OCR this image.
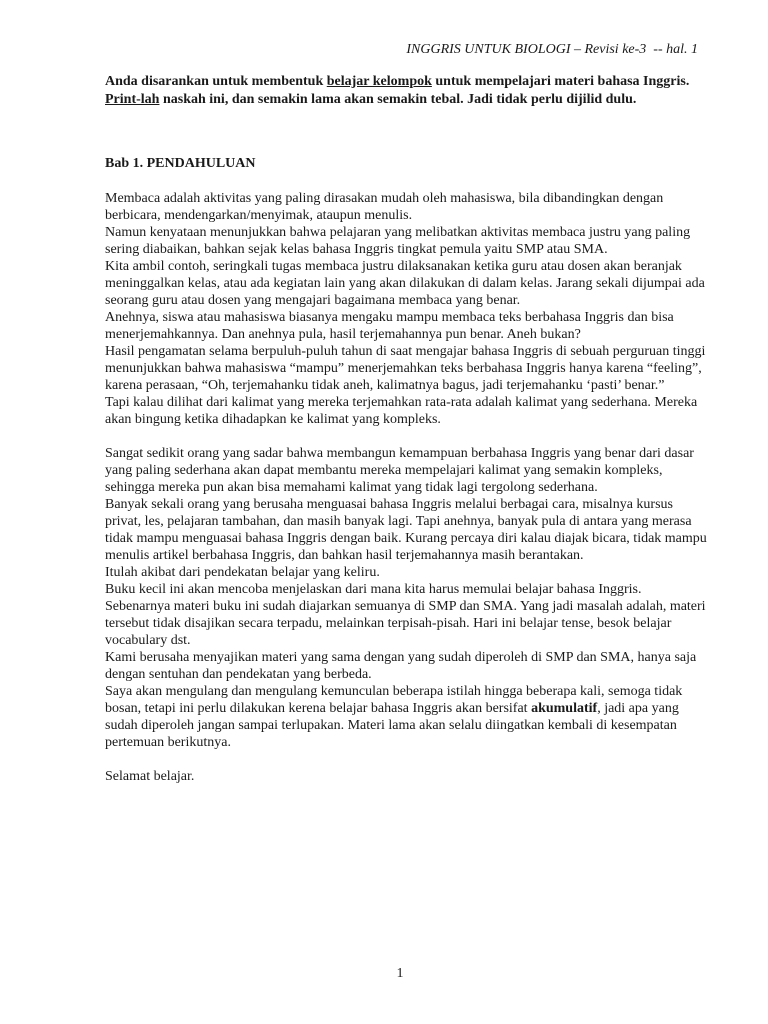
INGGRIS UNTUK BIOLOGI – Revisi ke-3  -- hal. 1
Anda disarankan untuk membentuk belajar kelompok untuk mempelajari materi bahasa Inggris. Print-lah naskah ini, dan semakin lama akan semakin tebal. Jadi tidak perlu dijilid dulu.
Bab 1. PENDAHULUAN

Membaca adalah aktivitas yang paling dirasakan mudah oleh mahasiswa, bila dibandingkan dengan berbicara, mendengarkan/menyimak, ataupun menulis.

Namun kenyataan menunjukkan bahwa pelajaran yang melibatkan aktivitas membaca justru yang paling sering diabaikan, bahkan sejak kelas bahasa Inggris tingkat pemula yaitu SMP atau SMA.

Kita ambil contoh, seringkali tugas membaca justru dilaksanakan ketika guru atau dosen akan beranjak meninggalkan kelas, atau ada kegiatan lain yang akan dilakukan di dalam kelas. Jarang sekali dijumpai ada seorang guru atau dosen yang mengajari bagaimana membaca yang benar.

Anehnya, siswa atau mahasiswa biasanya mengaku mampu membaca teks berbahasa Inggris dan bisa menerjemahkannya. Dan anehnya pula, hasil terjemahannya pun benar. Aneh bukan?

Hasil pengamatan selama berpuluh-puluh tahun di saat mengajar bahasa Inggris di sebuah perguruan tinggi menunjukkan bahwa mahasiswa “mampu” menerjemahkan teks berbahasa Inggris hanya karena “feeling”, karena perasaan, “Oh, terjemahanku tidak aneh, kalimatnya bagus, jadi terjemahanku ‘pasti’ benar.”

Tapi kalau dilihat dari kalimat yang mereka terjemahkan rata-rata adalah kalimat yang sederhana. Mereka akan bingung ketika dihadapkan ke kalimat yang kompleks.

Sangat sedikit orang yang sadar bahwa membangun kemampuan berbahasa Inggris yang benar dari dasar yang paling sederhana akan dapat membantu mereka mempelajari kalimat yang semakin kompleks, sehingga mereka pun akan bisa memahami kalimat yang tidak lagi tergolong sederhana.

Banyak sekali orang yang berusaha menguasai bahasa Inggris melalui berbagai cara, misalnya kursus privat, les, pelajaran tambahan, dan masih banyak lagi. Tapi anehnya, banyak pula di antara yang merasa tidak mampu menguasai bahasa Inggris dengan baik. Kurang percaya diri kalau diajak bicara, tidak mampu menulis artikel berbahasa Inggris, dan bahkan hasil terjemahannya masih berantakan.

Itulah akibat dari pendekatan belajar yang keliru.

Buku kecil ini akan mencoba menjelaskan dari mana kita harus memulai belajar bahasa Inggris.

Sebenarnya materi buku ini sudah diajarkan semuanya di SMP dan SMA. Yang jadi masalah adalah, materi tersebut tidak disajikan secara terpadu, melainkan terpisah-pisah. Hari ini belajar tense, besok belajar vocabulary dst.

Kami berusaha menyajikan materi yang sama dengan yang sudah diperoleh di SMP dan SMA, hanya saja dengan sentuhan dan pendekatan yang berbeda.

Saya akan mengulang dan mengulang kemunculan beberapa istilah hingga beberapa kali, semoga tidak bosan, tetapi ini perlu dilakukan kerena belajar bahasa Inggris akan bersifat akumulatif, jadi apa yang sudah diperoleh jangan sampai terlupakan. Materi lama akan selalu diingatkan kembali di kesempatan pertemuan berikutnya.

Selamat belajar.

1
